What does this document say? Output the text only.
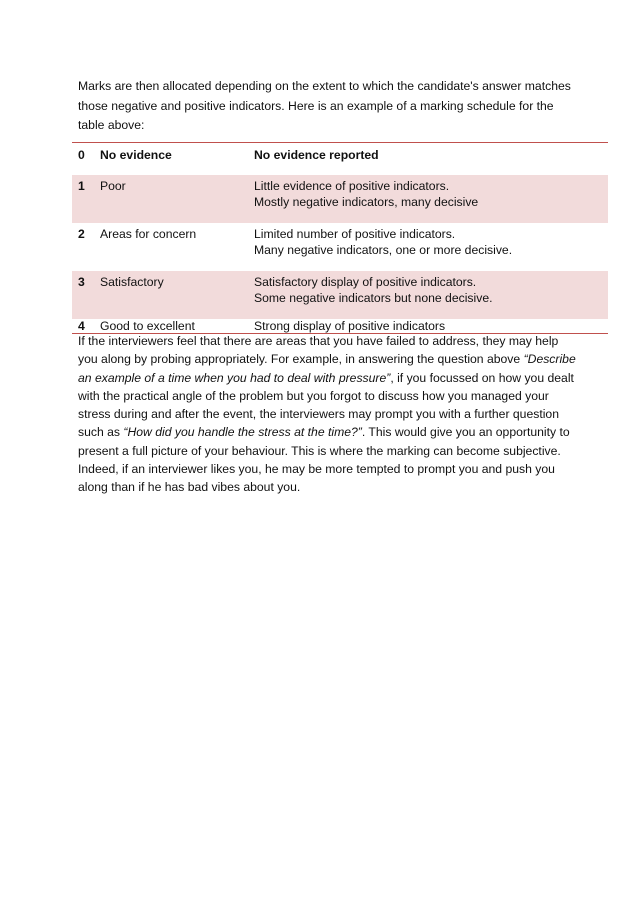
Marks are then allocated depending on the extent to which the candidate's answer matches
those negative and positive indicators. Here is an example of a marking schedule for the
table above:

0	No evidence	No evidence reported

1	Poor	Little evidence of positive indicators.
Mostly negative indicators, many decisive

2	Areas for concern	Limited number of positive indicators.
Many negative indicators, one or more decisive.

3	Satisfactory	Satisfactory display of positive indicators.
Some negative indicators but none decisive.

4	Good to excellent	Strong display of positive indicators

If the interviewers feel that there are areas that you have failed to address, they may help
you along by probing appropriately. For example, in answering the question above “Describe
an example of a time when you had to deal with pressure”, if you focussed on how you dealt
with the practical angle of the problem but you forgot to discuss how you managed your
stress during and after the event, the interviewers may prompt you with a further question
such as “How did you handle the stress at the time?”. This would give you an opportunity to
present a full picture of your behaviour. This is where the marking can become subjective.
Indeed, if an interviewer likes you, he may be more tempted to prompt you and push you
along than if he has bad vibes about you.
